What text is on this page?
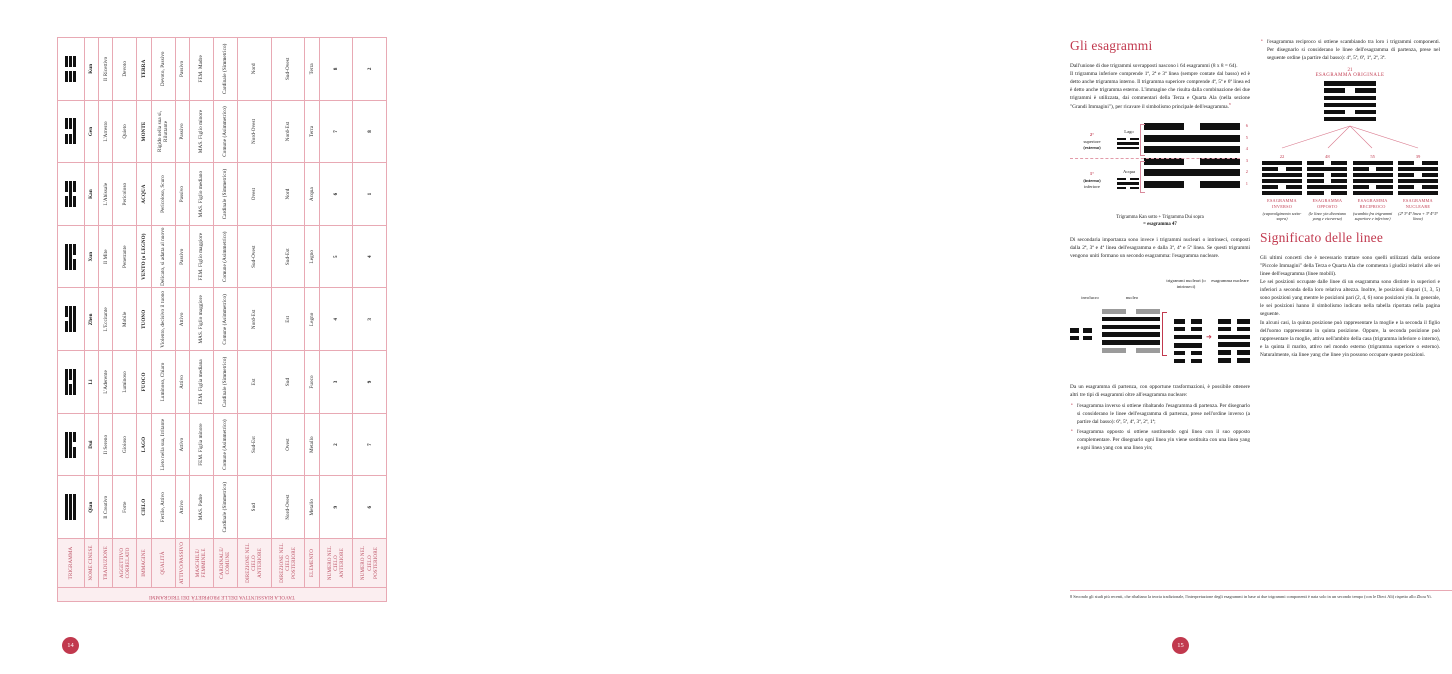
TAVOLA RIASSUNTIVA DELLE PROPRIETÀ DEI TRIGRAMMI	TRIGRAMMA	

	NOME CINESE	Qian	Dui	Li	Zhen	Xun	Kan	Gen	Kun
	TRADUZIONE	Il Creativo	Il Sereno	L'Aderente	L'Eccitante	Il Mite	L'Abissale	L'Arresto	Il Ricettivo
	AGGETTIVO CORRELATO	Forte	Gioioso	Luminoso	Mobile	Penetrante	Pericoloso	Quieto	Devoto
	IMMAGINE	CIELO	LAGO	FUOCO	TUONO	VENTO (o LEGNO)	ACQUA	MONTE	TERRA
	QUALITÀ	Fertile, Attivo	Lieto nella sua, Irritante	Luminoso, Chiaro	Violento, decisivo il tuono	Delicato, si adatta al nuovo	Pericoloso, Scuro	Rigido nella sua si, Riluttante	Devoto, Passivo
	ATTIVO/PASSIVO	Attivo	Attivo	Attivo	Attivo	Passivo	Passivo	Passivo	Passivo
	MASCHILE/ FEMMINILE	MAS. Padre	FEM. Figlia minore	FEM. Figlia mediana	MAS. Figlio maggiore	FEM. Figlio maggiore	MAS. Figlio mediano	MAS. Figlio minore	FEM. Madre
	CARDINALE/ COMUNE	Cardinale (Simmetrico)	Comune (Asimmetrico)	Cardinale (Simmetrico)	Comune (Asimmetrico)	Comune (Asimmetrico)	Cardinale (Simmetrico)	Comune (Asimmetrico)	Cardinale (Simmetrico)
	DIREZIONE NEL CIELO ANTERIORE	Sud	Sud-Est	Est	Nord-Est	Sud-Ovest	Ovest	Nord-Ovest	Nord
	DIREZIONE NEL CIELO POSTERIORE	Nord-Ovest	Ovest	Sud	Est	Sud-Est	Nord	Nord-Est	Sud-Ovest
	ELEMENTO	Metallo	Metallo	Fuoco	Legno	Legno	Acqua	Terra	Terra
	NUMERO NEL CIELO ANTERIORE	9	2	3	4	5	6	7	8
	NUMERO NEL CIELO POSTERIORE	6	7	9	3	4	1	8	2
14
Gli esagrammi

Dall'unione di due trigrammi sovrapposti nascono i 64 esagrammi (8 x 8 = 64).

Il trigramma inferiore comprende 1ª, 2ª e 3ª linea (sempre contate dal basso) ed è detto anche trigramma interno. Il trigramma superiore comprende 4ª, 5ª e 6ª linea ed è detto anche trigramma esterno. L'immagine che risulta dalla combinazione dei due trigrammi è utilizzata, dai commentari della Terza e Quarta Ala (nella sezione "Grandi Immagini"), per ricavare il simbolismo principale dell'esagramma.$^8$

2°
superiore
(esterno)
Lago
1°
(interno)
inferiore
Acqua
6
5
4
3
2
1
Trigramma Kan sotto + Trigramma Dui sopra
= esagramma 47

Di secondaria importanza sono invece i trigrammi nucleari o intrinseci, composti dalla 2ª, 3ª e 4ª linea dell'esagramma e dalla 3ª, 4ª e 5ª linea. Se questi trigrammi vengono uniti formano un secondo esagramma: l'esagramma nucleare.

involucro	nucleo
trigrammi nucleari (o intrinseci)
esagramma nucleare
➜

Da un esagramma di partenza, con opportune trasformazioni, è possibile ottenere altri tre tipi di esagrammi oltre all'esagramma nucleare:

• l'esagramma inverso si ottiene ribaltando l'esagramma di partenza. Per disegnarlo si considerano le linee dell'esagramma di partenza, prese nell'ordine inverso (a partire dal basso): 6ª, 5ª, 4ª, 3ª, 2ª, 1ª;
• l'esagramma opposto si ottiene sostituendo ogni linea con il suo opposto complementare. Per disegnarlo ogni linea yin viene sostituita con una linea yang e ogni linea yang con una linea yin;
• l'esagramma reciproco si ottiene scambiando tra loro i trigrammi componenti. Per disegnarlo si considerano le linee dell'esagramma di partenza, prese nel seguente ordine (a partire dal basso): 4ª, 5ª, 6ª, 1ª, 2ª, 3ª.
21
ESAGRAMMA ORIGINALE
22
ESAGRAMMA INVERSO
(capovolgimento sotto-sopra)
48
ESAGRAMMA OPPOSTO
(le linee yin diventano yang e viceversa)
55
ESAGRAMMA RECIPROCO
(scambio fra trigrammi superiore e inferiore)
39
ESAGRAMMA NUCLEARE
(2ª 3ª 4ª linea + 3ª 4ª 5ª linea)
Significato delle linee

Gli ultimi concetti che è necessario trattare sono quelli utilizzati dalla sezione "Piccole Immagini" della Terza e Quarta Ala che commenta i giudizi relativi alle sei linee dell'esagramma (linee mobili).

Le sei posizioni occupate dalle linee di un esagramma sono distinte in superiori e inferiori a seconda della loro relativa altezza. Inoltre, le posizioni dispari (1, 3, 5) sono posizioni yang mentre le posizioni pari (2, 4, 6) sono posizioni yin. In generale, le sei posizioni hanno il simbolismo indicato nella tabella riportata nella pagina seguente.

In alcuni casi, la quinta posizione può rappresentare la moglie e la seconda il figlio dell'uomo rappresentato in quinta posizione. Oppure, la seconda posizione può rappresentare la moglie, attiva nell'ambito della casa (trigramma inferiore o interno), e la quinta il marito, attivo nel mondo esterno (trigramma superiore o esterno). Naturalmente, sia linee yang che linee yin possono occupare queste posizioni.

8 Secondo gli studi più recenti, che ribaltano la teoria tradizionale, l'interpretazione degli esagrammi in base ai due trigrammi componenti è nata solo in un secondo tempo (con le Dieci Ali) rispetto allo Zhou Yi.
15
